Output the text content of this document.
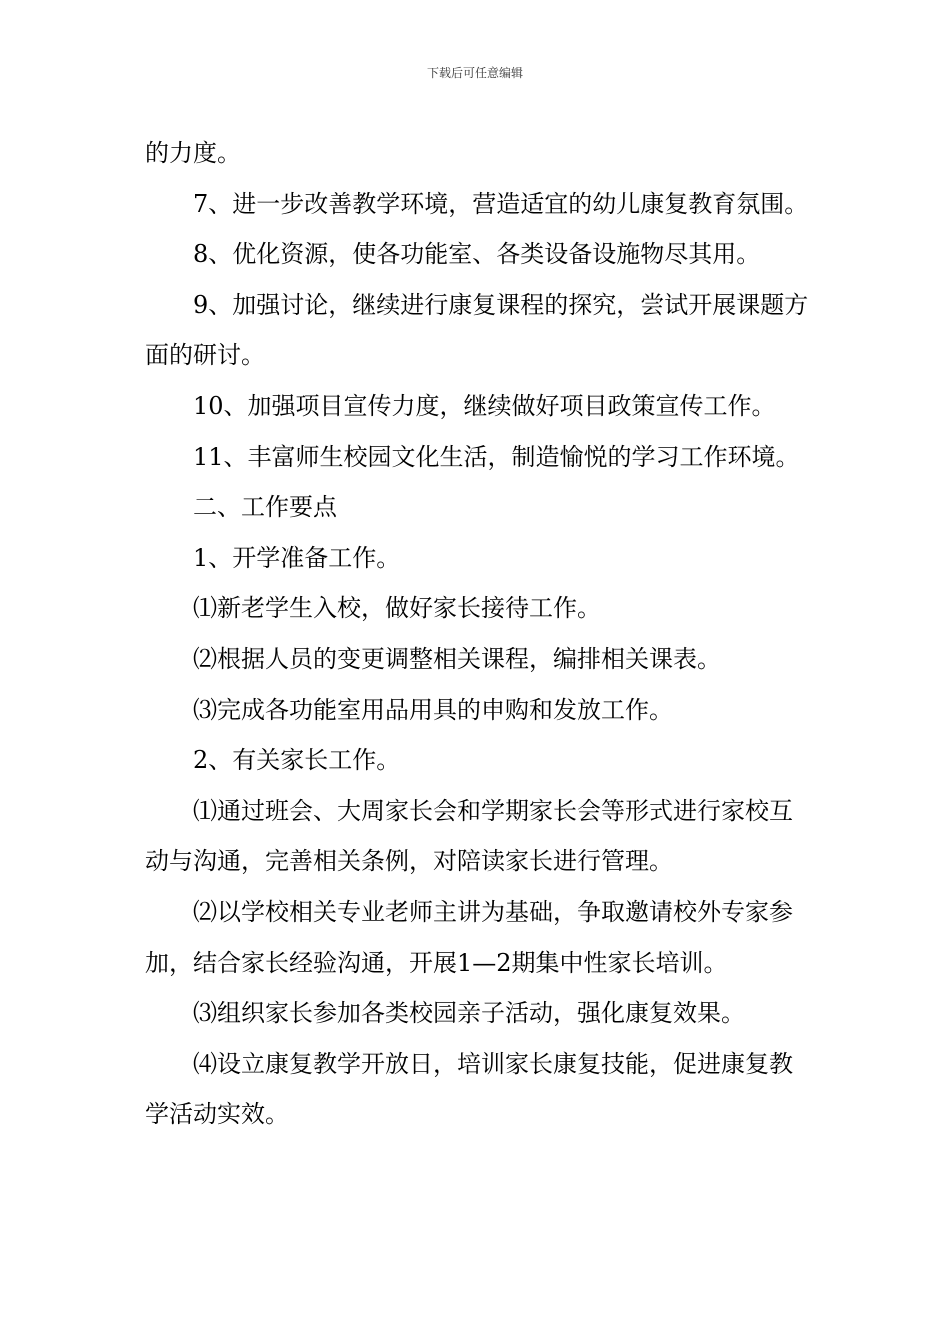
下载后可任意编辑

的力度。

7、进一步改善教学环境，营造适宜的幼儿康复教育氛围。

8、优化资源，使各功能室、各类设备设施物尽其用。

9、加强讨论，继续进行康复课程的探究，尝试开展课题方面的研讨。

10、加强项目宣传力度，继续做好项目政策宣传工作。

11、丰富师生校园文化生活，制造愉悦的学习工作环境。

二、工作要点

1、开学准备工作。

⑴新老学生入校，做好家长接待工作。

⑵根据人员的变更调整相关课程，编排相关课表。

⑶完成各功能室用品用具的申购和发放工作。

2、有关家长工作。

⑴通过班会、大周家长会和学期家长会等形式进行家校互动与沟通，完善相关条例，对陪读家长进行管理。

⑵以学校相关专业老师主讲为基础，争取邀请校外专家参加，结合家长经验沟通，开展1—2期集中性家长培训。

⑶组织家长参加各类校园亲子活动，强化康复效果。

⑷设立康复教学开放日，培训家长康复技能，促进康复教学活动实效。
